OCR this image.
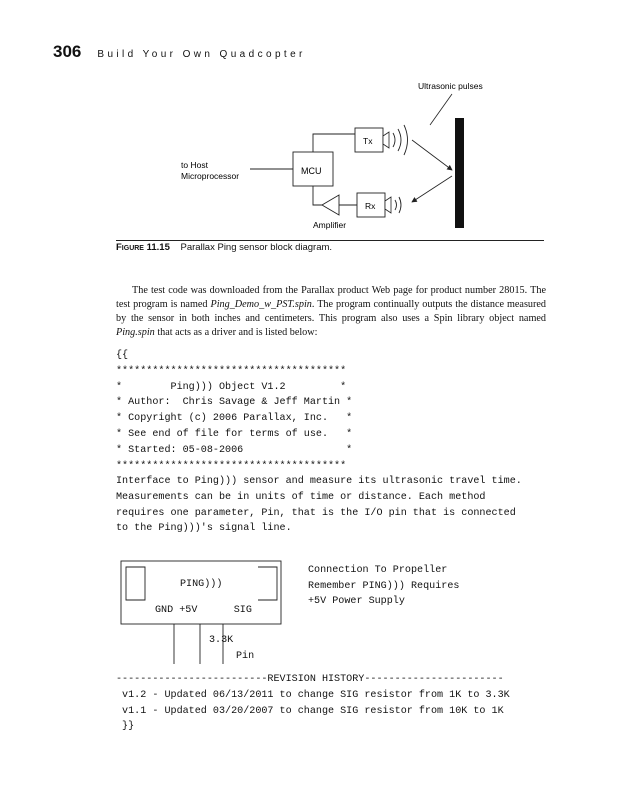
306 Build Your Own Quadcopter
Ultrasonic pulses
MCU
to Host
Microprocessor
Tx
Rx
Amplifier
Figure 11.15 Parallax Ping sensor block diagram.

The test code was downloaded from the Parallax product Web page for product number 28015. The test program is named Ping_Demo_w_PST.spin. The program continually outputs the distance measured by the sensor in both inches and centimeters. This program also uses a Spin library object named Ping.spin that acts as a driver and is listed below:

{{
**************************************
*        Ping))) Object V1.2         *
* Author:  Chris Savage & Jeff Martin *
* Copyright (c) 2006 Parallax, Inc.   *
* See end of file for terms of use.   *
* Started: 05-08-2006                 *
**************************************
Interface to Ping))) sensor and measure its ultrasonic travel time.
Measurements can be in units of time or distance. Each method
requires one parameter, Pin, that is the I/O pin that is connected
to the Ping)))'s signal line.
PING)))
GND +5V      SIG
3.3K
Pin
Connection To Propeller
Remember PING))) Requires
+5V Power Supply
-------------------------REVISION HISTORY-----------------------
v1.2 - Updated 06/13/2011 to change SIG resistor from 1K to 3.3K
v1.1 - Updated 03/20/2007 to change SIG resistor from 10K to 1K
}}
